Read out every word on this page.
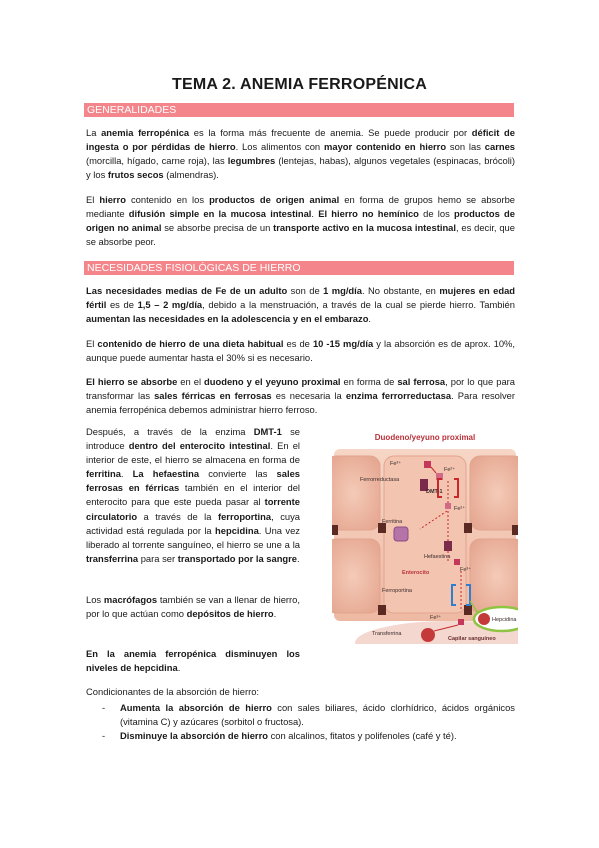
TEMA 2. ANEMIA FERROPÉNICA
GENERALIDADES

La anemia ferropénica es la forma más frecuente de anemia. Se puede producir por déficit de ingesta o por pérdidas de hierro. Los alimentos con mayor contenido en hierro son las carnes (morcilla, hígado, carne roja), las legumbres (lentejas, habas), algunos vegetales (espinacas, brócoli) y los frutos secos (almendras).

El hierro contenido en los productos de origen animal en forma de grupos hemo se absorbe mediante difusión simple en la mucosa intestinal. El hierro no hemínico de los productos de origen no animal se absorbe precisa de un transporte activo en la mucosa intestinal, es decir, que se absorbe peor.

NECESIDADES FISIOLÓGICAS DE HIERRO

Las necesidades medias de Fe de un adulto son de 1 mg/día. No obstante, en mujeres en edad fértil es de 1,5 – 2 mg/día, debido a la menstruación, a través de la cual se pierde hierro. También aumentan las necesidades en la adolescencia y en el embarazo.

El contenido de hierro de una dieta habitual es de 10 -15 mg/día y la absorción es de aprox. 10%, aunque puede aumentar hasta el 30% si es necesario.

El hierro se absorbe en el duodeno y el yeyuno proximal en forma de sal ferrosa, por lo que para transformar las sales férricas en ferrosas es necesaria la enzima ferrorreductasa. Para resolver anemia ferropénica debemos administrar hierro ferroso.

Después, a través de la enzima DMT-1 se introduce dentro del enterocito intestinal. En el interior de este, el hierro se almacena en forma de ferritina. La hefaestina convierte las sales ferrosas en férricas también en el interior del enterocito para que este pueda pasar al torrente circulatorio a través de la ferroportina, cuya actividad está regulada por la hepcidina. Una vez liberado al torrente sanguíneo, el hierro se une a la transferrina para ser transportado por la sangre.

Los macrófagos también se van a llenar de hierro, por lo que actúan como depósitos de hierro.

En la anemia ferropénica disminuyen los niveles de hepcidina.

Condicionantes de la absorción de hierro:

- Aumenta la absorción de hierro con sales biliares, ácido clorhídrico, ácidos orgánicos (vitamina C) y azúcares (sorbitol o fructosa).
- Disminuye la absorción de hierro con alcalinos, fitatos y polifenoles (café y té).
Duodeno/yeyuno proximal
Fe³⁺
Ferrorreductasa
Fe²⁺
DMT-1
Fe²⁺
Ferritina
Hefaestina
Fe³⁺
Enterocito
Ferroportina
Fe³⁺
Transferrina
Hepcidina
Capilar sanguíneo
